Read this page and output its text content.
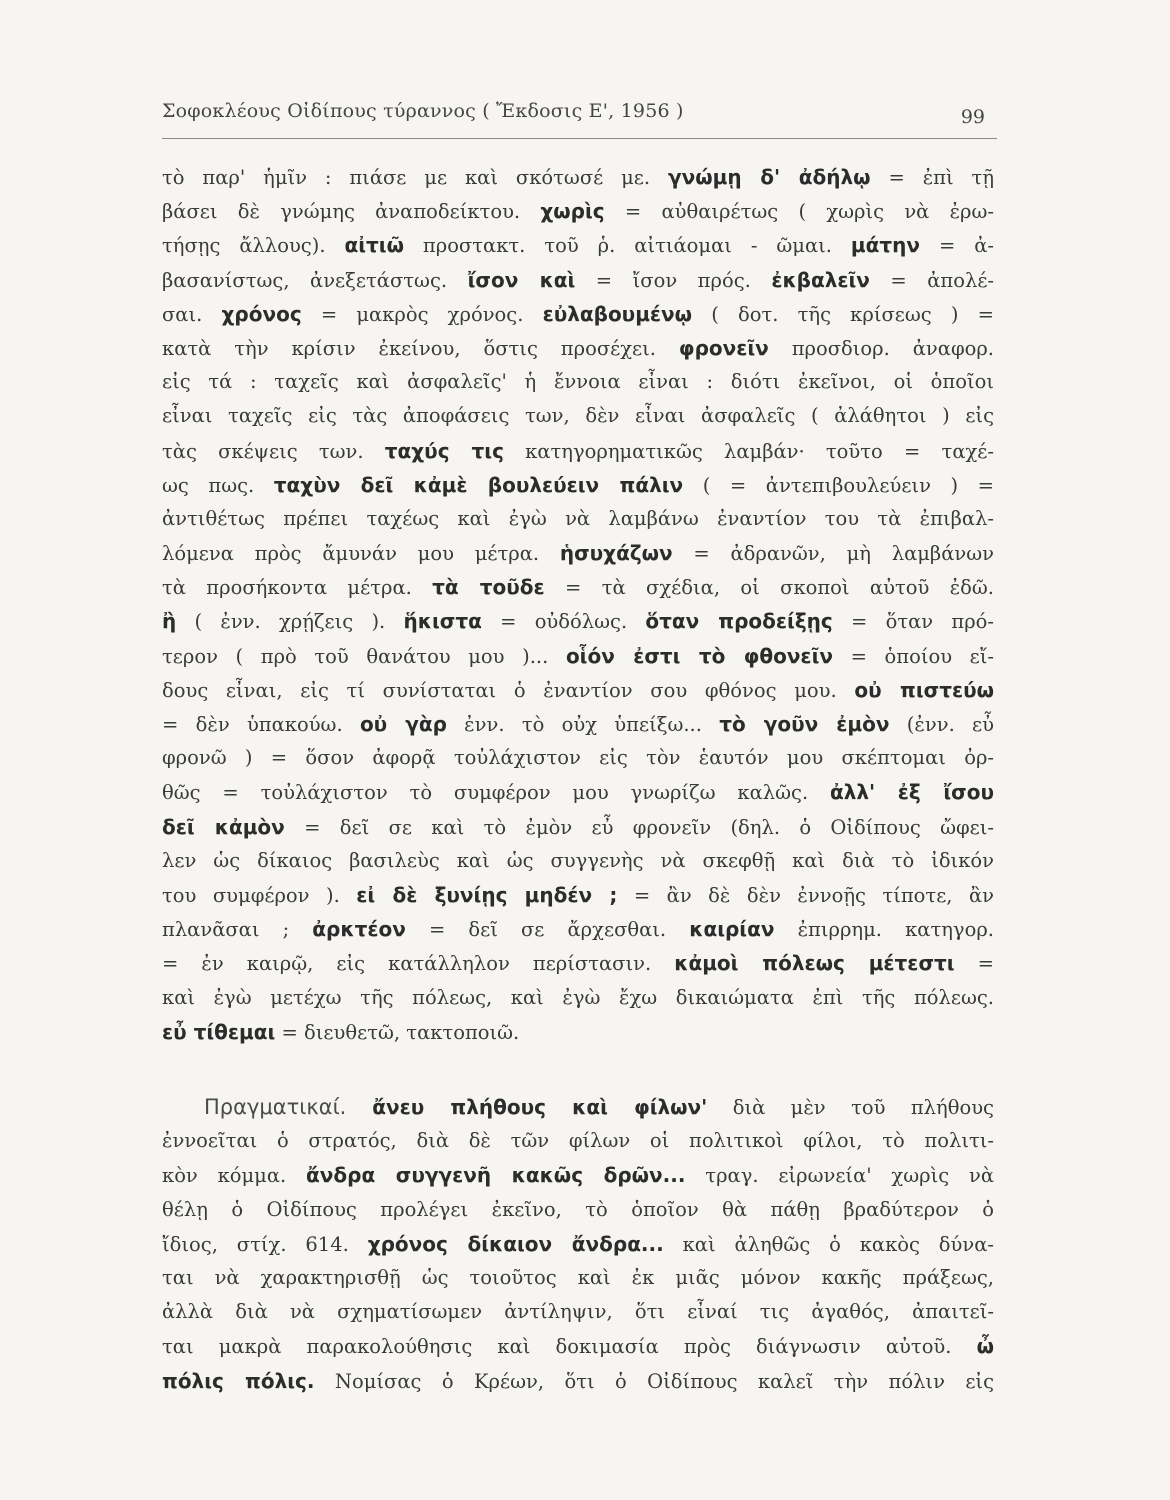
Σοφοκλέους Οἰδίπους τύραννος ( Ἔκδοσις Ε', 1956 )	99
τὸ παρ' ἡμῖν : πιάσε με καὶ σκότωσέ με. γνώμῃ δ' ἀδήλῳ = ἐπὶ τῇ
βάσει δὲ γνώμης ἀναποδείκτου. χωρὶς = αὐθαιρέτως ( χωρὶς νὰ ἐρω-
τήσῃς ἄλλους). αἰτιῶ προστακτ. τοῦ ῥ. αἰτιάομαι - ῶμαι. μάτην = ἀ-
βασανίστως, ἀνεξετάστως. ἴσον καὶ = ἴσον πρός. ἐκβαλεῖν = ἀπολέ-
σαι. χρόνος = μακρὸς χρόνος. εὐλαβουμένῳ ( δοτ. τῆς κρίσεως ) =
κατὰ τὴν κρίσιν ἐκείνου, ὅστις προσέχει. φρονεῖν προσδιορ. ἀναφορ.
εἰς τά : ταχεῖς καὶ ἀσφαλεῖς' ἡ ἔννοια εἶναι : διότι ἐκεῖνοι, οἱ ὁποῖοι
εἶναι ταχεῖς εἰς τὰς ἀποφάσεις των, δὲν εἶναι ἀσφαλεῖς ( ἀλάθητοι ) εἰς
τὰς σκέψεις των. ταχύς τις κατηγορηματικῶς λαμβάν· τοῦτο = ταχέ-
ως πως. ταχὺν δεῖ κἀμὲ βουλεύειν πάλιν ( = ἀντεπιβουλεύειν ) =
ἀντιθέτως πρέπει ταχέως καὶ ἐγὼ νὰ λαμβάνω ἐναντίον του τὰ ἐπιβαλ-
λόμενα πρὸς ἄμυνάν μου μέτρα. ἡσυχάζων = ἀδρανῶν, μὴ λαμβάνων
τὰ προσήκοντα μέτρα. τὰ τοῦδε = τὰ σχέδια, οἱ σκοποὶ αὐτοῦ ἐδῶ.
ἢ ( ἐνν. χρῄζεις ). ἥκιστα = οὐδόλως. ὅταν προδείξῃς = ὅταν πρό-
τερον ( πρὸ τοῦ θανάτου μου )... οἷόν ἐστι τὸ φθονεῖν = ὁποίου εἴ-
δους εἶναι, εἰς τί συνίσταται ὁ ἐναντίον σου φθόνος μου. οὐ πιστεύω
= δὲν ὑπακούω. οὐ γὰρ ἐνν. τὸ οὐχ ὑπείξω... τὸ γοῦν ἐμὸν (ἐνν. εὖ
φρονῶ ) = ὅσον ἀφορᾷ τοὐλάχιστον εἰς τὸν ἑαυτόν μου σκέπτομαι ὀρ-
θῶς = τοὐλάχιστον τὸ συμφέρον μου γνωρίζω καλῶς. ἀλλ' ἐξ ἴσου
δεῖ κἀμὸν = δεῖ σε καὶ τὸ ἐμὸν εὖ φρονεῖν (δηλ. ὁ Οἰδίπους ὤφει-
λεν ὡς δίκαιος βασιλεὺς καὶ ὡς συγγενὴς νὰ σκεφθῇ καὶ διὰ τὸ ἰδικόν
του συμφέρον ). εἰ δὲ ξυνίῃς μηδέν ; = ἂν δὲ δὲν ἐννοῇς τίποτε, ἂν
πλανᾶσαι ; ἀρκτέον = δεῖ σε ἄρχεσθαι. καιρίαν ἐπιρρημ. κατηγορ.
= ἐν καιρῷ, εἰς κατάλληλον περίστασιν. κἀμοὶ πόλεως μέτεστι =
καὶ ἐγὼ μετέχω τῆς πόλεως, καὶ ἐγὼ ἔχω δικαιώματα ἐπὶ τῆς πόλεως.
εὖ τίθεμαι = διευθετῶ, τακτοποιῶ.
Πραγματικαί. ἄνευ πλήθους καὶ φίλων' διὰ μὲν τοῦ πλήθους
ἐννοεῖται ὁ στρατός, διὰ δὲ τῶν φίλων οἱ πολιτικοὶ φίλοι, τὸ πολιτι-
κὸν κόμμα. ἄνδρα συγγενῆ κακῶς δρῶν... τραγ. εἰρωνεία' χωρὶς νὰ
θέλῃ ὁ Οἰδίπους προλέγει ἐκεῖνο, τὸ ὁποῖον θὰ πάθῃ βραδύτερον ὁ
ἴδιος, στίχ. 614. χρόνος δίκαιον ἄνδρα... καὶ ἀληθῶς ὁ κακὸς δύνα-
ται νὰ χαρακτηρισθῇ ὡς τοιοῦτος καὶ ἐκ μιᾶς μόνον κακῆς πράξεως,
ἀλλὰ διὰ νὰ σχηματίσωμεν ἀντίληψιν, ὅτι εἶναί τις ἀγαθός, ἀπαιτεῖ-
ται μακρὰ παρακολούθησις καὶ δοκιμασία πρὸς διάγνωσιν αὐτοῦ. ὦ
πόλις πόλις. Νομίσας ὁ Κρέων, ὅτι ὁ Οἰδίπους καλεῖ τὴν πόλιν εἰς
